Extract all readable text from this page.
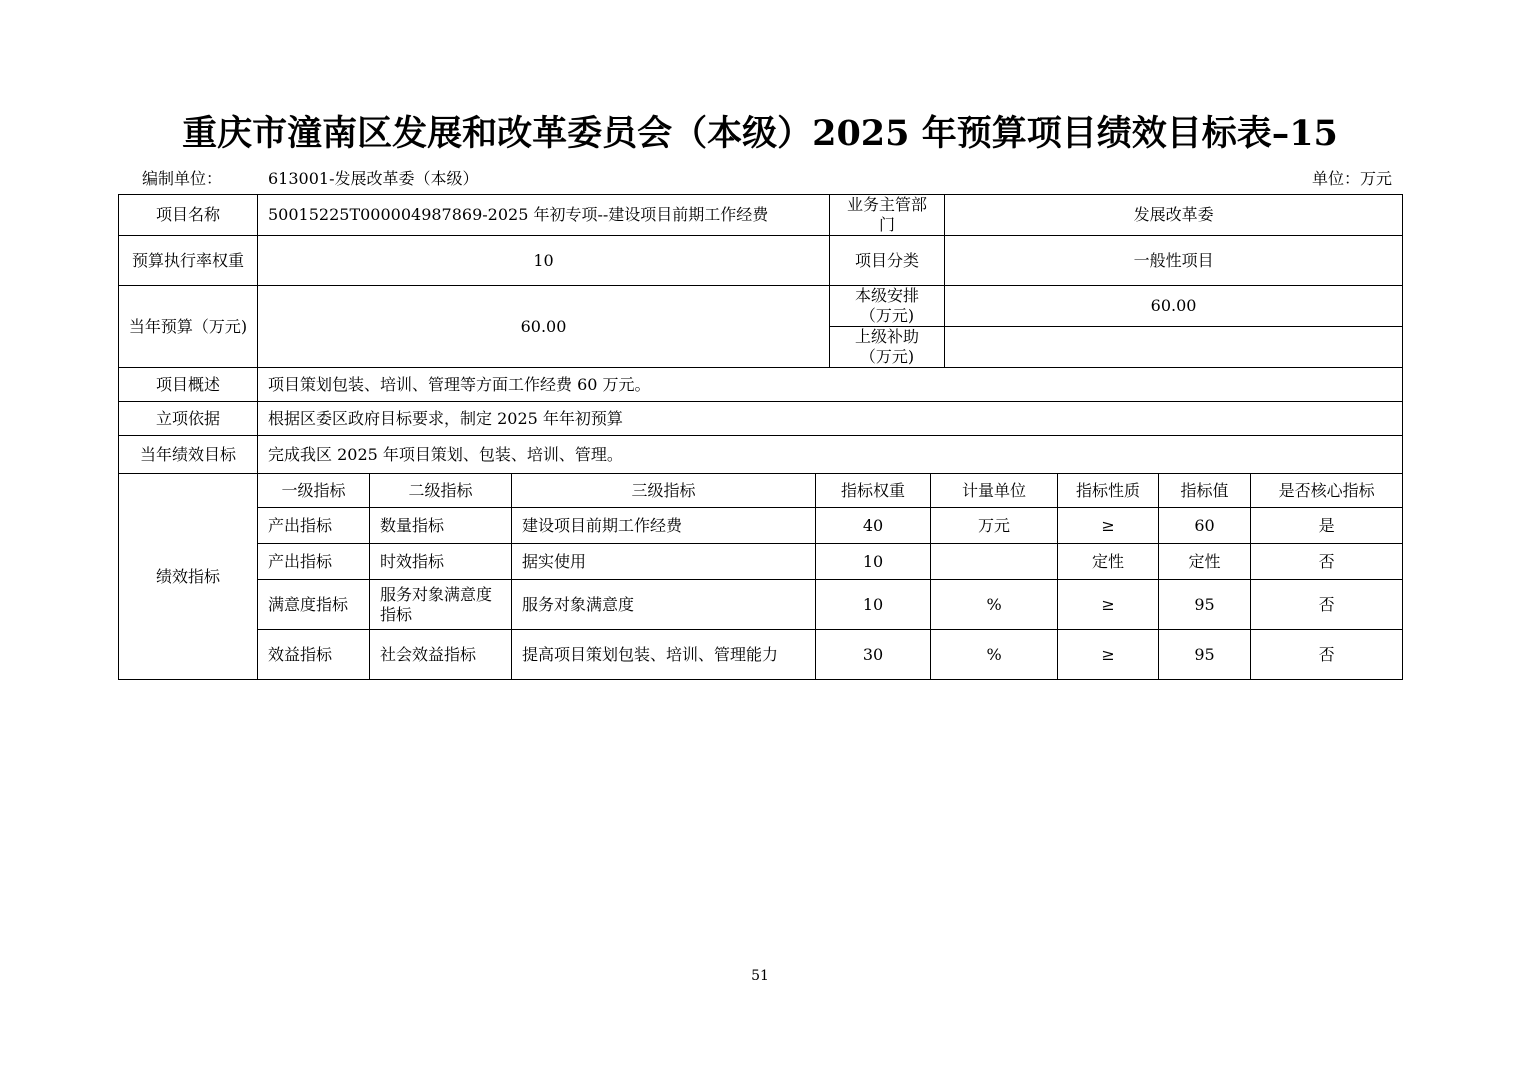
重庆市潼南区发展和改革委员会（本级）2025 年预算项目绩效目标表–15
编制单位：	613001-发展改革委（本级）	单位：万元
项目名称	50015225T000004987869-2025 年初专项--建设项目前期工作经费				业务主管部门		发展改革委			
预算执行率权重	10				项目分类		一般性项目			
当年预算（万元)	60.00				本级安排（万元)		60.00			
					上级补助（万元)					
项目概述	项目策划包装、培训、管理等方面工作经费 60 万元。									
立项依据	根据区委区政府目标要求，制定 2025 年年初预算									
当年绩效目标	完成我区 2025 年项目策划、包装、培训、管理。									
绩效指标	一级指标	二级指标	三级指标	指标权重		计量单位		指标性质	指标值	是否核心指标
	产出指标	数量指标	建设项目前期工作经费	40		万元		≥	60	是
	产出指标	时效指标	据实使用	10				定性	定性	否
	满意度指标	服务对象满意度指标	服务对象满意度	10		%		≥	95	否
	效益指标	社会效益指标	提高项目策划包装、培训、管理能力	30		%		≥	95	否
51
